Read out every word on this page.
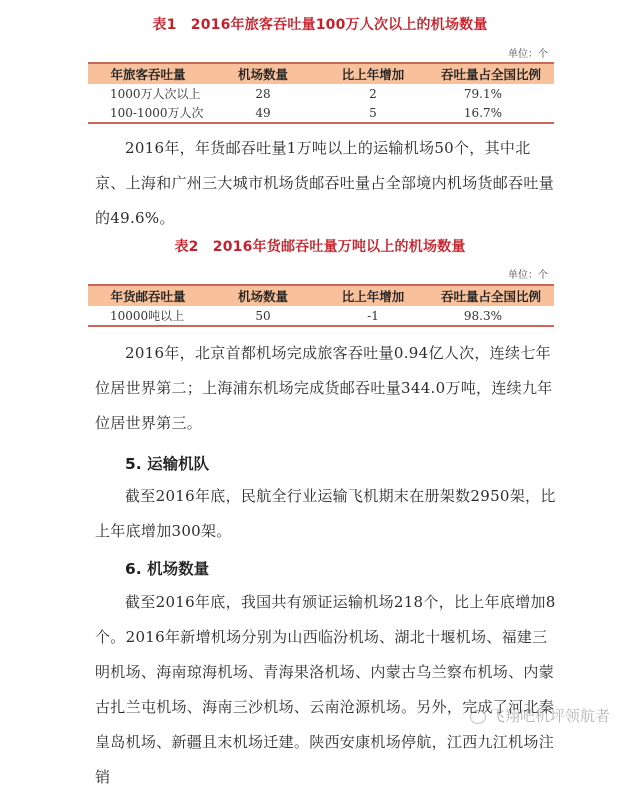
表1　2016年旅客吞吐量100万人次以上的机场数量
单位：个
年旅客吞吐量	机场数量	比上年增加	吞吐量占全国比例
1000万人次以上	28	2	79.1%
100-1000万人次	49	5	16.7%
2016年，年货邮吞吐量1万吨以上的运输机场50个，其中北京、上海和广州三大城市机场货邮吞吐量占全部境内机场货邮吞吐量的49.6%。
表2　2016年货邮吞吐量万吨以上的机场数量
单位：个
年货邮吞吐量	机场数量	比上年增加	吞吐量占全国比例
10000吨以上	50	-1	98.3%
2016年，北京首都机场完成旅客吞吐量0.94亿人次，连续七年位居世界第二；上海浦东机场完成货邮吞吐量344.0万吨，连续九年位居世界第三。
5. 运输机队
截至2016年底，民航全行业运输飞机期末在册架数2950架，比上年底增加300架。
6. 机场数量
截至2016年底，我国共有颁证运输机场218个，比上年底增加8个。2016年新增机场分别为山西临汾机场、湖北十堰机场、福建三明机场、海南琼海机场、青海果洛机场、内蒙古乌兰察布机场、内蒙古扎兰屯机场、海南三沙机场、云南沧源机场。另外，完成了河北秦皇岛机场、新疆且末机场迁建。陕西安康机场停航，江西九江机场注销
飞翔吧机坪领航者
